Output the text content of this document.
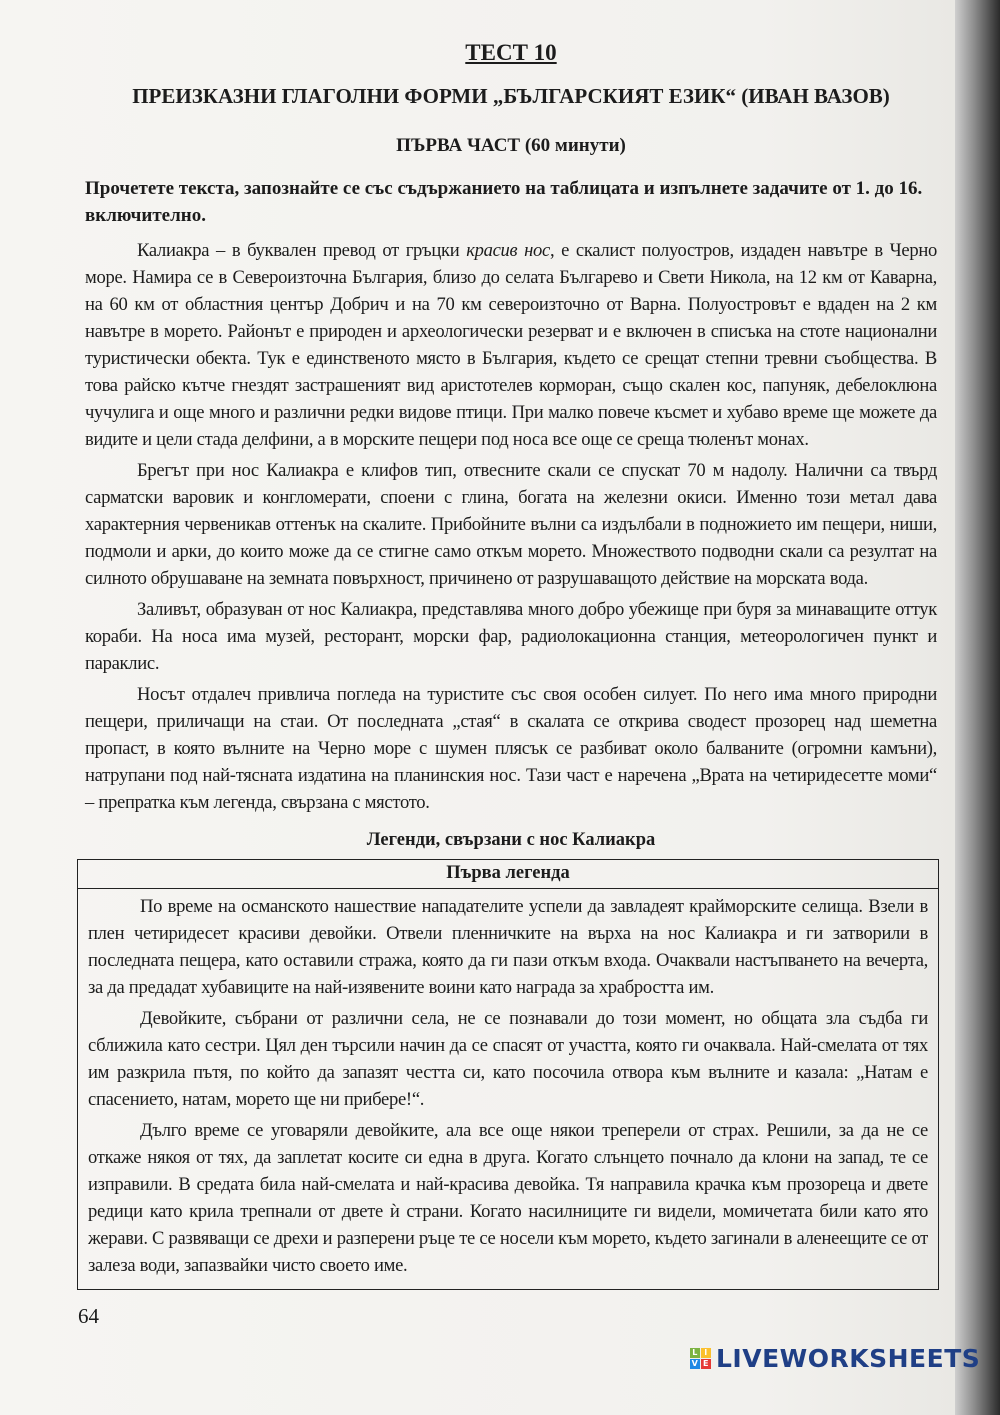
ТЕСТ 10
ПРЕИЗКАЗНИ ГЛАГОЛНИ ФОРМИ „БЪЛГАРСКИЯТ ЕЗИК“ (ИВАН ВАЗОВ)
ПЪРВА ЧАСТ (60 минути)
Прочетете текста, запознайте се със съдържанието на таблицата и изпълнете задачите от 1. до 16. включително.

Калиакра – в буквален превод от гръцки красив нос, е скалист полуостров, издаден навътре в Черно море. Намира се в Североизточна България, близо до селата Българево и Свети Никола, на 12 км от Каварна, на 60 км от областния център Добрич и на 70 км североизточно от Варна. Полуостровът е вдаден на 2 км навътре в морето. Районът е природен и археологически резерват и е включен в списъка на стоте национални туристически обекта. Тук е единственото място в България, където се срещат степни тревни съобщества. В това райско кътче гнездят застрашеният вид аристотелев корморан, също скален кос, папуняк, дебелоклюна чучулига и още много и различни редки видове птици. При малко повече късмет и хубаво време ще можете да видите и цели стада делфини, а в морските пещери под носа все още се среща тюленът монах.

Брегът при нос Калиакра е клифов тип, отвесните скали се спускат 70 м надолу. Налични са твърд сарматски варовик и конгломерати, споени с глина, богата на железни окиси. Именно този метал дава характерния червеникав оттенък на скалите. Прибойните вълни са издълбали в подножието им пещери, ниши, подмоли и арки, до които може да се стигне само откъм морето. Множеството подводни скали са резултат на силното обрушаване на земната повърхност, причинено от разрушаващото действие на морската вода.

Заливът, образуван от нос Калиакра, представлява много добро убежище при буря за минаващите оттук кораби. На носа има музей, ресторант, морски фар, радиолокационна станция, метеорологичен пункт и параклис.

Носът отдалеч привлича погледа на туристите със своя особен силует. По него има много природни пещери, приличащи на стаи. От последната „стая“ в скалата се открива сводест прозорец над шеметна пропаст, в която вълните на Черно море с шумен плясък се разбиват около балваните (огромни камъни), натрупани под най-тясната издатина на планинския нос. Тази част е наречена „Врата на четиридесетте моми“ – препратка към легенда, свързана с мястото.

Легенди, свързани с нос Калиакра
Първа легенда

По време на османското нашествие нападателите успели да завладеят крайморските селища. Взели в плен четиридесет красиви девойки. Отвели пленничките на върха на нос Калиакра и ги затворили в последната пещера, като оставили стража, която да ги пази откъм входа. Очаквали настъпването на вечерта, за да предадат хубавиците на най-изявените воини като награда за храбростта им.

Девойките, събрани от различни села, не се познавали до този момент, но общата зла съдба ги сближила като сестри. Цял ден търсили начин да се спасят от участта, която ги очаквала. Най-смелата от тях им разкрила пътя, по който да запазят честта си, като посочила отвора към вълните и казала: „Натам е спасението, натам, морето ще ни прибере!“.

Дълго време се уговаряли девойките, ала все още някои треперели от страх. Решили, за да не се откаже някоя от тях, да заплетат косите си една в друга. Когато слънцето почнало да клони на запад, те се изправили. В средата била най-смелата и най-красива девойка. Тя направила крачка към прозореца и двете редици като крила трепнали от двете ѝ страни. Когато насилниците ги видели, момичетата били като ято жерави. С развяващи се дрехи и разперени ръце те се носели към морето, където загинали в аленеещите се от залеза води, запазвайки чисто своето име.

64
L I
V E LIVEWORKSHEETS
